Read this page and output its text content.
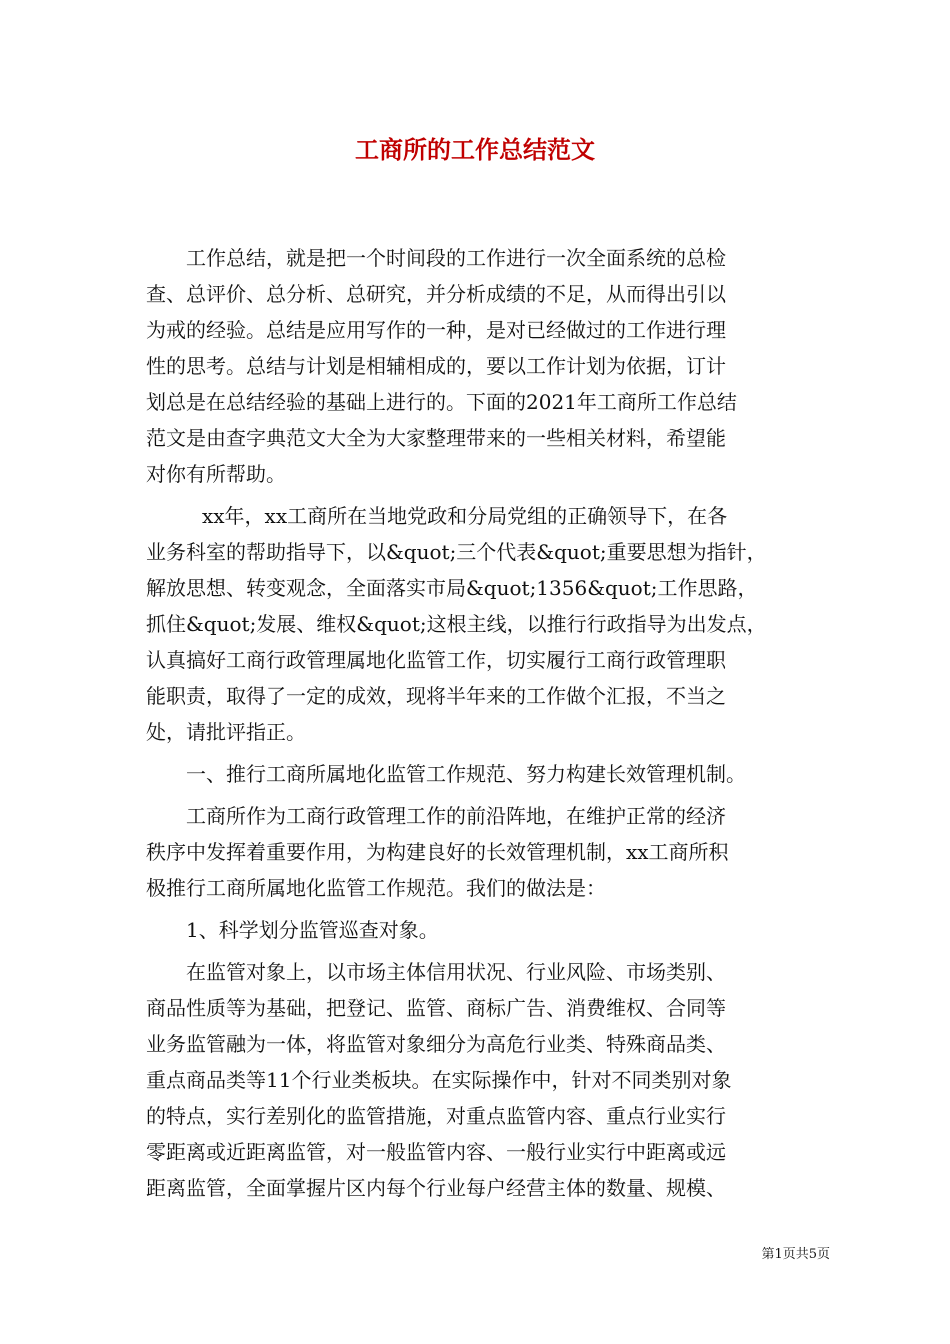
工商所的工作总结范文
工作总结，就是把一个时间段的工作进行一次全面系统的总检
查、总评价、总分析、总研究，并分析成绩的不足，从而得出引以
为戒的经验。总结是应用写作的一种，是对已经做过的工作进行理
性的思考。总结与计划是相辅相成的，要以工作计划为依据，订计
划总是在总结经验的基础上进行的。下面的2021年工商所工作总结
范文是由查字典范文大全为大家整理带来的一些相关材料，希望能
对你有所帮助。
xx年，xx工商所在当地党政和分局党组的正确领导下，在各
业务科室的帮助指导下，以&quot;三个代表&quot;重要思想为指针，
解放思想、转变观念，全面落实市局&quot;1356&quot;工作思路，
抓住&quot;发展、维权&quot;这根主线，以推行行政指导为出发点，
认真搞好工商行政管理属地化监管工作，切实履行工商行政管理职
能职责，取得了一定的成效，现将半年来的工作做个汇报，不当之
处，请批评指正。
一、推行工商所属地化监管工作规范、努力构建长效管理机制。
工商所作为工商行政管理工作的前沿阵地，在维护正常的经济
秩序中发挥着重要作用，为构建良好的长效管理机制，xx工商所积
极推行工商所属地化监管工作规范。我们的做法是：
1、科学划分监管巡查对象。
在监管对象上，以市场主体信用状况、行业风险、市场类别、
商品性质等为基础，把登记、监管、商标广告、消费维权、合同等
业务监管融为一体，将监管对象细分为高危行业类、特殊商品类、
重点商品类等11个行业类板块。在实际操作中，针对不同类别对象
的特点，实行差别化的监管措施，对重点监管内容、重点行业实行
零距离或近距离监管，对一般监管内容、一般行业实行中距离或远
距离监管，全面掌握片区内每个行业每户经营主体的数量、规模、
第1页共5页
